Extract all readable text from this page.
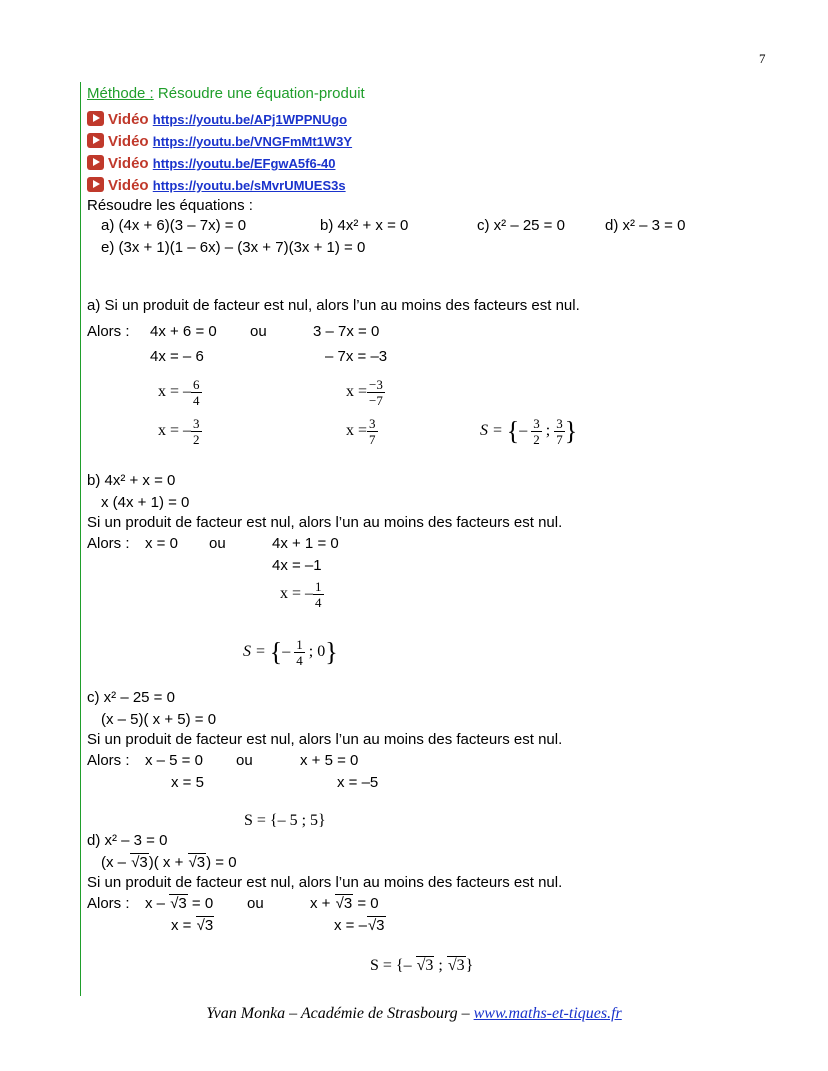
7
Méthode : Résoudre une équation-produit
Vidéo https://youtu.be/APj1WPPNUgo
Vidéo https://youtu.be/VNGFmMt1W3Y
Vidéo https://youtu.be/EFgwA5f6-40
Vidéo https://youtu.be/sMvrUMUES3s
Résoudre les équations :
a) (4x + 6)(3 – 7x) = 0	b) 4x² + x = 0	c) x² – 25 = 0	d) x² – 3 = 0
e) (3x + 1)(1 – 6x) – (3x + 7)(3x + 1) = 0
a) Si un produit de facteur est nul, alors l’un au moins des facteurs est nul.
Alors : 4x + 6 = 0 ou	3 – 7x = 0
4x = – 6	– 7x = –3
x = – $\frac{6}{4}$	$x = \frac{-3}{-7}$
x = – $\frac{3}{2}$	$x = \frac{3}{7}$	S = {– $\frac{3}{2}$ ; $\frac{3}{7}$ }
b) 4x² + x = 0
x (4x + 1) = 0
Si un produit de facteur est nul, alors l’un au moins des facteurs est nul.
Alors : x = 0 ou	4x + 1 = 0
4x = –1
x = – $\frac{1}{4}$
S = {– $\frac{1}{4}$ ; 0}
c) x² – 25 = 0
(x – 5)( x + 5) = 0
Si un produit de facteur est nul, alors l’un au moins des facteurs est nul.
Alors : x – 5 = 0 ou	x + 5 = 0
x = 5	x = –5
S = {– 5 ; 5}
d) x² – 3 = 0
(x – √3)( x + √3) = 0
Si un produit de facteur est nul, alors l’un au moins des facteurs est nul.
Alors : x – √3 = 0 ou	x + √3 = 0
x = √3	x = –√3
S = {– √3 ; √3}
Yvan Monka – Académie de Strasbourg – www.maths-et-tiques.fr
